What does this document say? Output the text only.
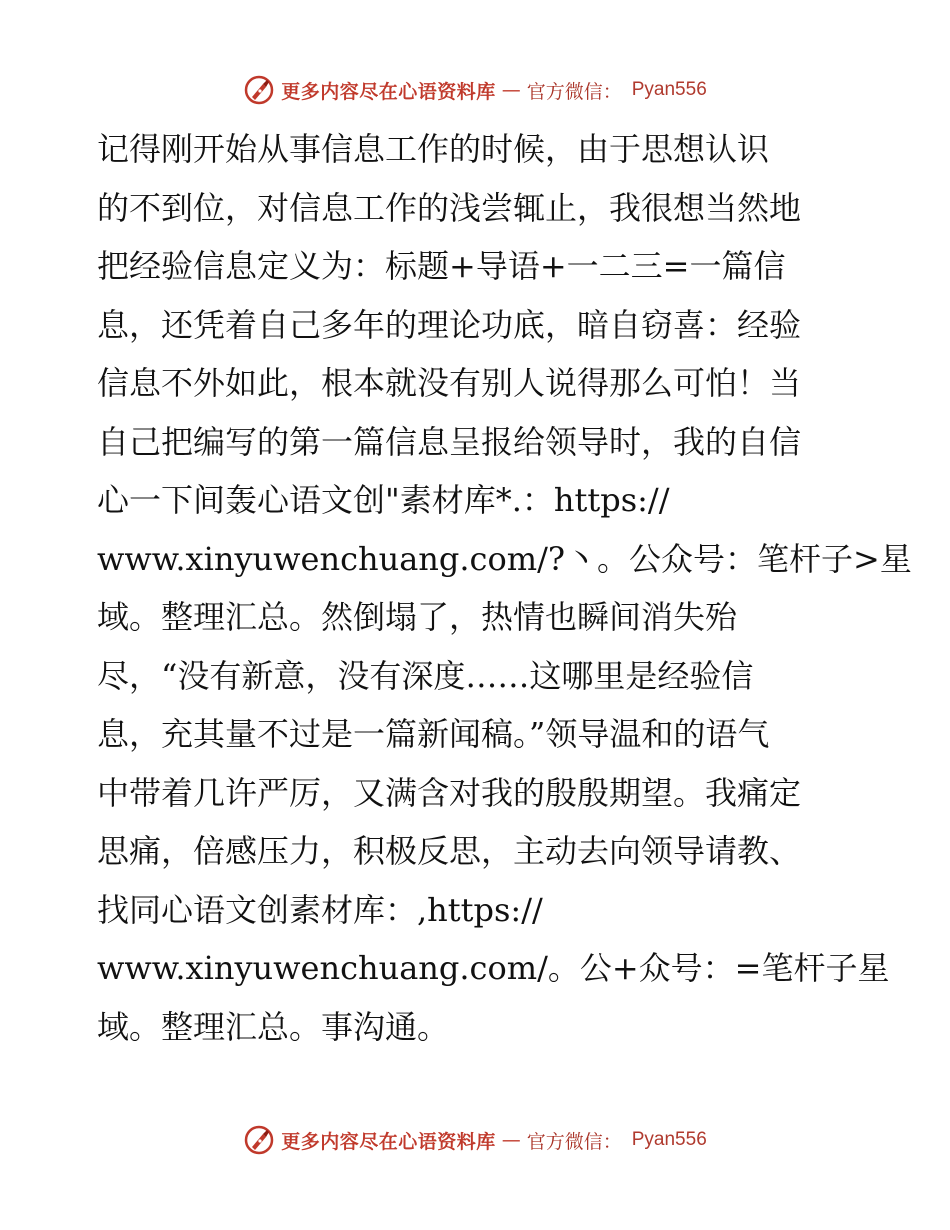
更多内容尽在心语资料库 — 官方微信： Pyan556
记得刚开始从事信息工作的时候，由于思想认识
的不到位，对信息工作的浅尝辄止，我很想当然地
把经验信息定义为：标题+导语+一二三=一篇信
息，还凭着自己多年的理论功底，暗自窃喜：经验
信息不外如此，根本就没有别人说得那么可怕！当
自己把编写的第一篇信息呈报给领导时，我的自信
心一下间轰心语文创"素材库*.：https://
www.xinyuwenchuang.com/?丶。公众号：笔杆子>星
域。整理汇总。然倒塌了，热情也瞬间消失殆
尽，“没有新意，没有深度……这哪里是经验信
息，充其量不过是一篇新闻稿。”领导温和的语气
中带着几许严厉，又满含对我的殷殷期望。我痛定
思痛，倍感压力，积极反思，主动去向领导请教、
找同心语文创素材库：,https://
www.xinyuwenchuang.com/。公+众号：=笔杆子星
域。整理汇总。事沟通。
更多内容尽在心语资料库 — 官方微信： Pyan556
